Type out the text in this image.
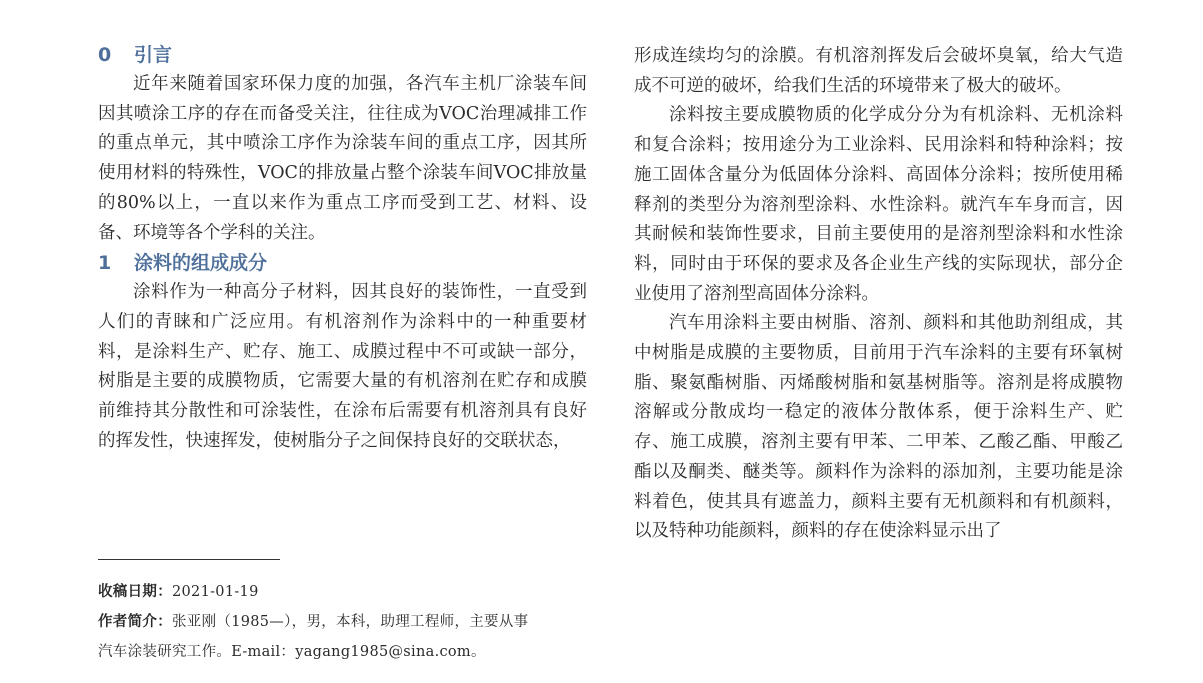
0 引言

近年来随着国家环保力度的加强，各汽车主机厂涂装车间因其喷涂工序的存在而备受关注，往往成为VOC治理减排工作的重点单元，其中喷涂工序作为涂装车间的重点工序，因其所使用材料的特殊性，VOC的排放量占整个涂装车间VOC排放量的80%以上，一直以来作为重点工序而受到工艺、材料、设备、环境等各个学科的关注。

1 涂料的组成成分

涂料作为一种高分子材料，因其良好的装饰性，一直受到人们的青睐和广泛应用。有机溶剂作为涂料中的一种重要材料，是涂料生产、贮存、施工、成膜过程中不可或缺一部分，树脂是主要的成膜物质，它需要大量的有机溶剂在贮存和成膜前维持其分散性和可涂装性，在涂布后需要有机溶剂具有良好的挥发性，快速挥发，使树脂分子之间保持良好的交联状态，

收稿日期：2021-01-19
作者简介：张亚刚（1985—），男，本科，助理工程师，主要从事
汽车涂装研究工作。E-mail：yagang1985@sina.com。

形成连续均匀的涂膜。有机溶剂挥发后会破坏臭氧，给大气造成不可逆的破坏，给我们生活的环境带来了极大的破坏。

涂料按主要成膜物质的化学成分分为有机涂料、无机涂料和复合涂料；按用途分为工业涂料、民用涂料和特种涂料；按施工固体含量分为低固体分涂料、高固体分涂料；按所使用稀释剂的类型分为溶剂型涂料、水性涂料。就汽车车身而言，因其耐候和装饰性要求，目前主要使用的是溶剂型涂料和水性涂料，同时由于环保的要求及各企业生产线的实际现状，部分企业使用了溶剂型高固体分涂料。

汽车用涂料主要由树脂、溶剂、颜料和其他助剂组成，其中树脂是成膜的主要物质，目前用于汽车涂料的主要有环氧树脂、聚氨酯树脂、丙烯酸树脂和氨基树脂等。溶剂是将成膜物溶解或分散成均一稳定的液体分散体系，便于涂料生产、贮存、施工成膜，溶剂主要有甲苯、二甲苯、乙酸乙酯、甲酸乙酯以及酮类、醚类等。颜料作为涂料的添加剂，主要功能是涂料着色，使其具有遮盖力，颜料主要有无机颜料和有机颜料，以及特种功能颜料，颜料的存在使涂料显示出了
